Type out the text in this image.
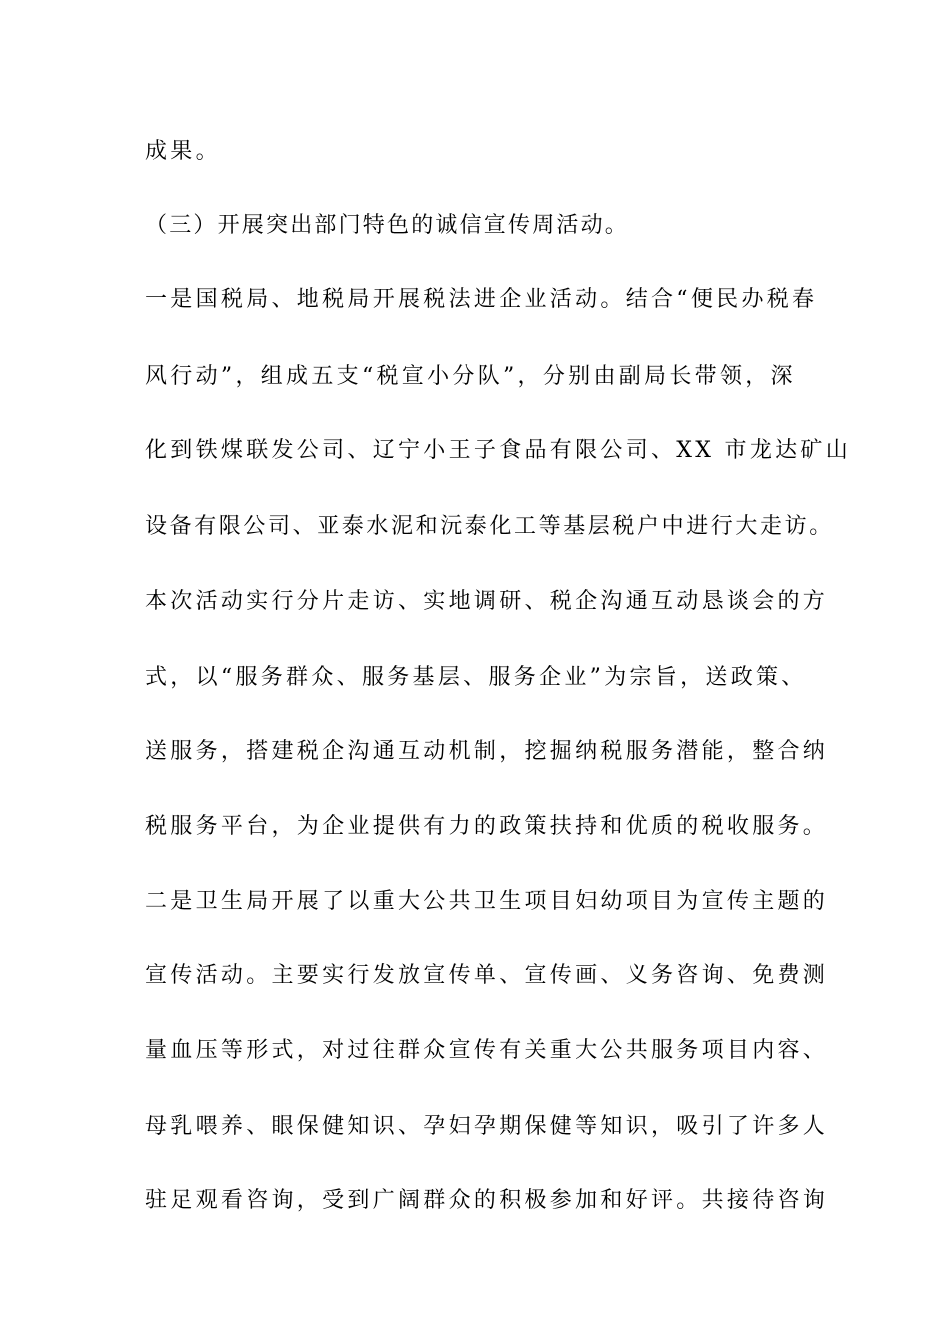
成果。
（三）开展突出部门特色的诚信宣传周活动。
一是国税局、地税局开展税法进企业活动。结合“便民办税春
风行动”，组成五支“税宣小分队”，分别由副局长带领，深
化到铁煤联发公司、辽宁小王子食品有限公司、XX 市龙达矿山
设备有限公司、亚泰水泥和沅泰化工等基层税户中进行大走访。
本次活动实行分片走访、实地调研、税企沟通互动恳谈会的方
式，以“服务群众、服务基层、服务企业”为宗旨，送政策、
送服务，搭建税企沟通互动机制，挖掘纳税服务潜能，整合纳
税服务平台，为企业提供有力的政策扶持和优质的税收服务。
二是卫生局开展了以重大公共卫生项目妇幼项目为宣传主题的
宣传活动。主要实行发放宣传单、宣传画、义务咨询、免费测
量血压等形式，对过往群众宣传有关重大公共服务项目内容、
母乳喂养、眼保健知识、孕妇孕期保健等知识，吸引了许多人
驻足观看咨询，受到广阔群众的积极参加和好评。共接待咨询
